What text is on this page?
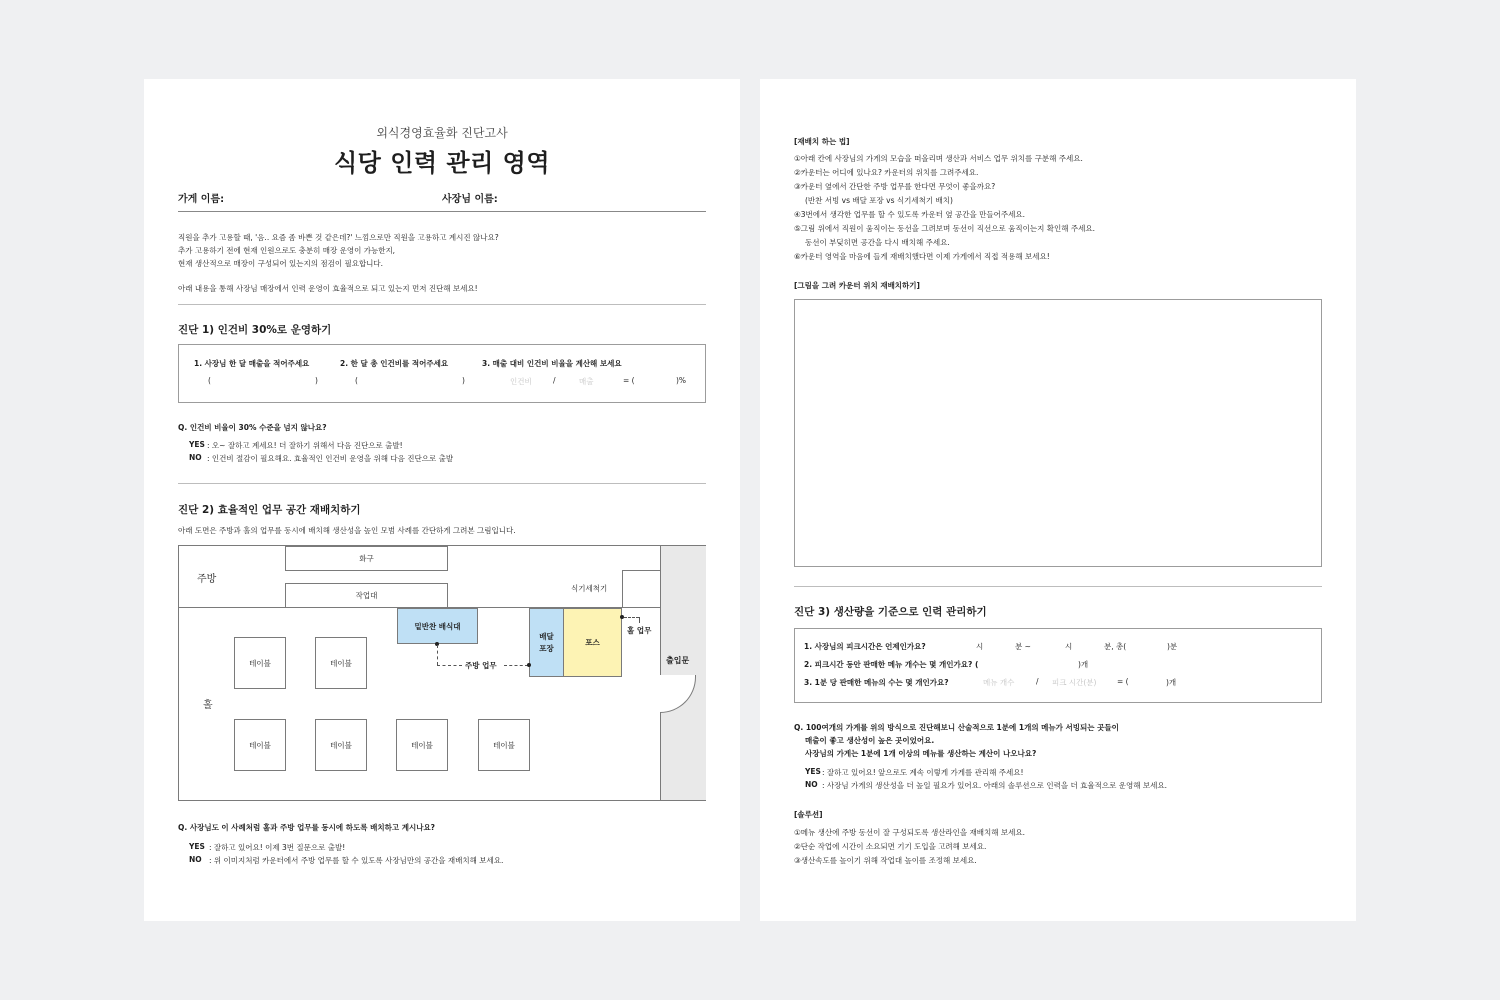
외식경영효율화 진단고사
식당 인력 관리 영역
가게 이름:	사장님 이름:
직원을 추가 고용할 때, '음.. 요즘 좀 바쁜 것 같은데?' 느낌으로만 직원을 고용하고 계시진 않나요?
추가 고용하기 전에 현재 인원으로도 충분히 매장 운영이 가능한지,
현재 생산적으로 매장이 구성되어 있는지의 점검이 필요합니다.
아래 내용을 통해 사장님 매장에서 인력 운영이 효율적으로 되고 있는지 먼저 진단해 보세요!
진단 1) 인건비 30%로 운영하기
1. 사장님 한 달 매출을 적어주세요	2. 한 달 총 인건비를 적어주세요	3. 매출 대비 인건비 비율을 계산해 보세요
(	)	(	)	인건비	/	매출	= (	)%
Q. 인건비 비율이 30% 수준을 넘지 않나요?
YES : 오~ 잘하고 계세요! 더 잘하기 위해서 다음 진단으로 출발!
NO : 인건비 절감이 필요해요. 효율적인 인건비 운영을 위해 다음 진단으로 출발
진단 2) 효율적인 업무 공간 재배치하기
아래 도면은 주방과 홀의 업무를 동시에 배치해 생산성을 높인 모범 사례를 간단하게 그려본 그림입니다.
주방
홀
화구
작업대
식기세척기
밑반찬 배식대
배달
포장
포스
주방 업무
홀 업무
출입문
테이블	테이블
테이블	테이블	테이블	테이블
Q. 사장님도 이 사례처럼 홀과 주방 업무를 동시에 하도록 배치하고 계시나요?
YES : 잘하고 있어요! 이제 3번 질문으로 출발!
NO : 위 이미지처럼 카운터에서 주방 업무를 할 수 있도록 사장님만의 공간을 재배치해 보세요.
[재배치 하는 법]
①아래 칸에 사장님의 가게의 모습을 떠올리며 생산과 서비스 업무 위치를 구분해 주세요.
②카운터는 어디에 있나요? 카운터의 위치를 그려주세요.
③카운터 옆에서 간단한 주방 업무를 한다면 무엇이 좋을까요?
(반찬 서빙 vs 배달 포장 vs 식기세척기 배치)
④3번에서 생각한 업무를 할 수 있도록 카운터 옆 공간을 만들어주세요.
⑤그림 위에서 직원이 움직이는 동선을 그려보며 동선이 직선으로 움직이는지 확인해 주세요.
동선이 부딪히면 공간을 다시 배치해 주세요.
⑥카운터 영역을 마음에 들게 재배치했다면 이제 가게에서 직접 적용해 보세요!
[그림을 그려 카운터 위치 재배치하기]
진단 3) 생산량을 기준으로 인력 관리하기
1. 사장님의 피크시간은 언제인가요?	시	분 ~	시	분, 총(	)분
2. 피크시간 동안 판매한 메뉴 개수는 몇 개인가요? (	)개
3. 1분 당 판매한 메뉴의 수는 몇 개인가요?	메뉴 개수	/ 피크 시간(분)	= (	)개
Q. 100여개의 가게를 위의 방식으로 진단해보니 산술적으로 1분에 1개의 메뉴가 서빙되는 곳들이
매출이 좋고 생산성이 높은 곳이었어요.
사장님의 가게는 1분에 1개 이상의 메뉴를 생산하는 계산이 나오나요?
YES : 잘하고 있어요! 앞으로도 계속 이렇게 가게를 관리해 주세요!
NO : 사장님 가게의 생산성을 더 높일 필요가 있어요. 아래의 솔루션으로 인력을 더 효율적으로 운영해 보세요.
[솔루션]
①메뉴 생산에 주방 동선이 잘 구성되도록 생산라인을 재배치해 보세요.
②단순 작업에 시간이 소요되면 기기 도입을 고려해 보세요.
③생산속도를 높이기 위해 작업대 높이를 조정해 보세요.
